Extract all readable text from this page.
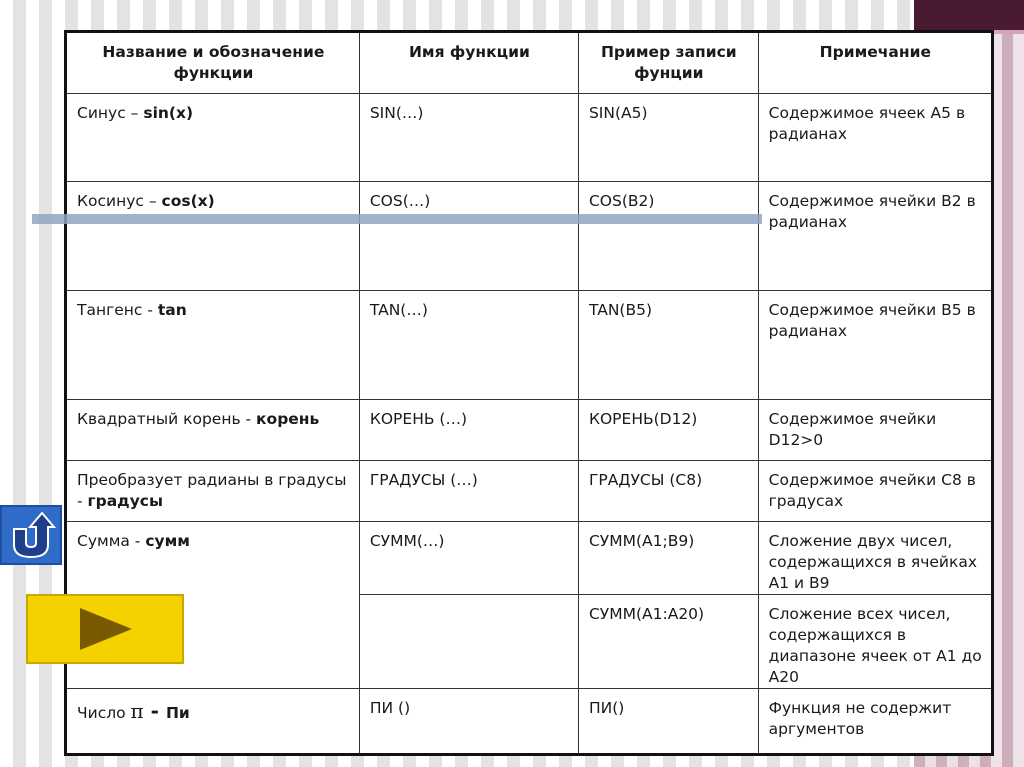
Название и обозначение функции	Имя функции	Пример записи фунции	Примечание
Синус – sin(x)	SIN(…)	SIN(A5)	Содержимое ячеек А5 в радианах
Косинус – cos(x)	COS(…)	COS(B2)	Содержимое ячейки В2 в радианах
Тангенс - tan	TAN(…)	TAN(B5)	Содержимое ячейки В5 в радианах
Квадратный корень - корень	КОРЕНЬ (…)	КОРЕНЬ(D12)	Содержимое ячейки D12>0
Преобразует радианы в градусы - градусы	ГРАДУСЫ (…)	ГРАДУСЫ (С8)	Содержимое ячейки С8 в градусах
Сумма - сумм	СУММ(…)	СУММ(А1;В9)	Сложение двух чисел, содержащихся в ячейках А1 и В9
		СУММ(А1:А20)	Сложение всех чисел, содержащихся в диапазоне ячеек от А1 до А20
Число π - Пи	ПИ ()	ПИ()	Функция не содержит аргументов
